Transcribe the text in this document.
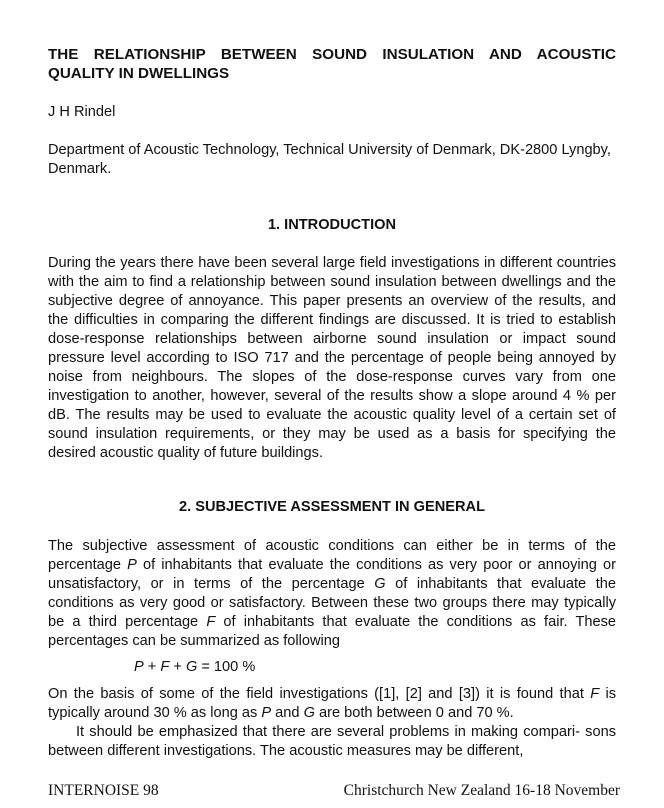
THE RELATIONSHIP BETWEEN SOUND INSULATION AND ACOUSTIC QUALITY IN DWELLINGS
J H Rindel
Department of Acoustic Technology, Technical University of Denmark, DK-2800 Lyngby, Denmark.
1. INTRODUCTION

During the years there have been several large field investigations in different countries with the aim to find a relationship between sound insulation between dwellings and the subjective degree of annoyance. This paper presents an overview of the results, and the difficulties in comparing the different findings are discussed. It is tried to establish dose-response relationships between airborne sound insulation or impact sound pressure level according to ISO 717 and the percentage of people being annoyed by noise from neighbours. The slopes of the dose-response curves vary from one investigation to another, however, several of the results show a slope around 4 % per dB. The results may be used to evaluate the acoustic quality level of a certain set of sound insulation requirements, or they may be used as a basis for specifying the desired acoustic quality of future buildings.

2. SUBJECTIVE ASSESSMENT IN GENERAL

The subjective assessment of acoustic conditions can either be in terms of the percentage P of inhabitants that evaluate the conditions as very poor or annoying or unsatisfactory, or in terms of the percentage G of inhabitants that evaluate the conditions as very good or satisfactory. Between these two groups there may typically be a third percentage F of inhabitants that evaluate the conditions as fair. These percentages can be summarized as following

P + F + G = 100 %

On the basis of some of the field investigations ([1], [2] and [3]) it is found that F is typically around 30 % as long as P and G are both between 0 and 70 %.

It should be emphasized that there are several problems in making compari- sons between different investigations. The acoustic measures may be different,

INTERNOISE 98	Christchurch New Zealand 16-18 November
